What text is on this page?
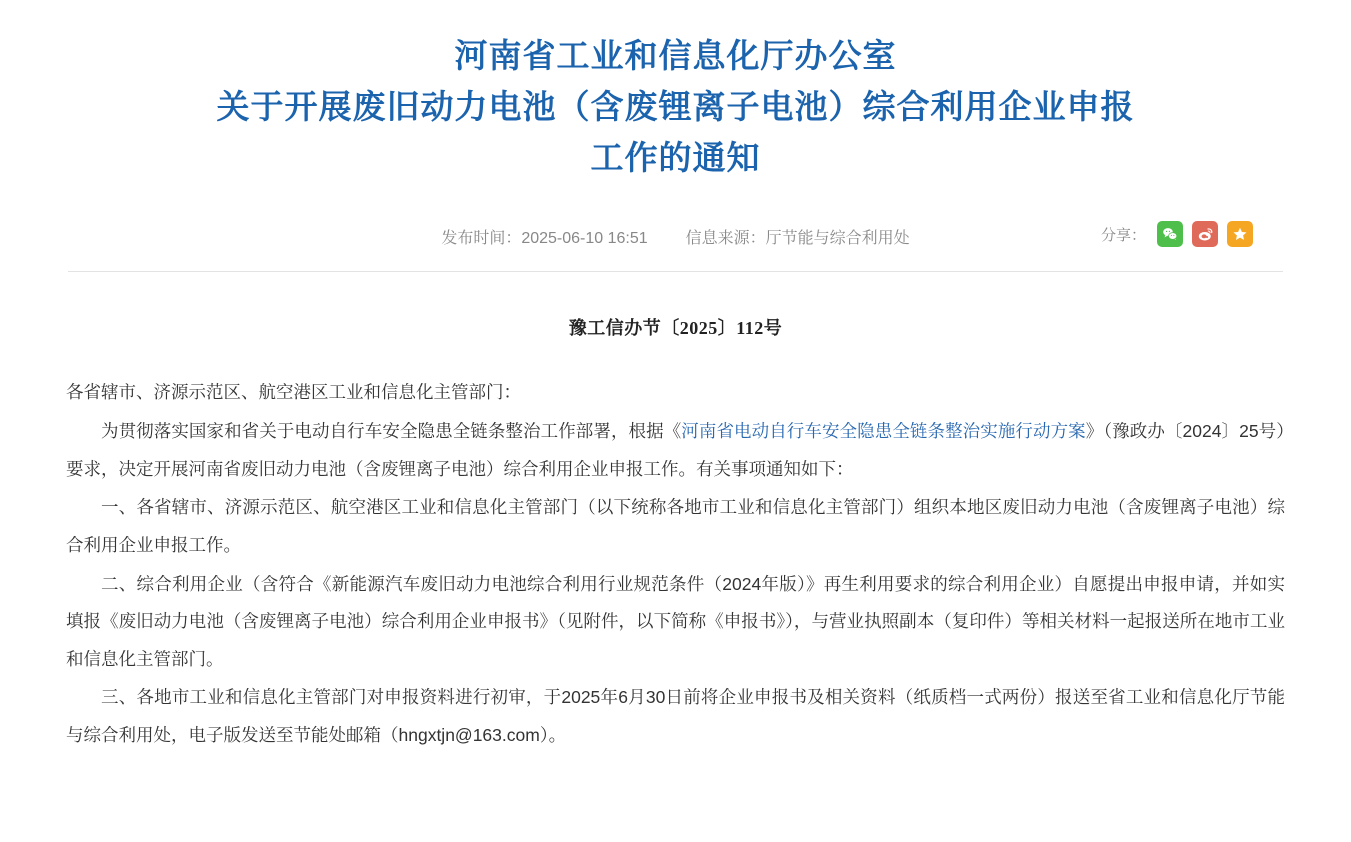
河南省工业和信息化厅办公室
关于开展废旧动力电池（含废锂离子电池）综合利用企业申报
工作的通知
发布时间：2025-06-10 16:51 信息来源：厅节能与综合利用处	分享：
豫工信办节〔2025〕112号

各省辖市、济源示范区、航空港区工业和信息化主管部门：

为贯彻落实国家和省关于电动自行车安全隐患全链条整治工作部署，根据《河南省电动自行车安全隐患全链条整治实施行动方案》（豫政办〔2024〕25号）要求，决定开展河南省废旧动力电池（含废锂离子电池）综合利用企业申报工作。有关事项通知如下：

一、各省辖市、济源示范区、航空港区工业和信息化主管部门（以下统称各地市工业和信息化主管部门）组织本地区废旧动力电池（含废锂离子电池）综合利用企业申报工作。

二、综合利用企业（含符合《新能源汽车废旧动力电池综合利用行业规范条件（2024年版）》再生利用要求的综合利用企业）自愿提出申报申请，并如实填报《废旧动力电池（含废锂离子电池）综合利用企业申报书》（见附件，以下简称《申报书》），与营业执照副本（复印件）等相关材料一起报送所在地市工业和信息化主管部门。

三、各地市工业和信息化主管部门对申报资料进行初审，于2025年6月30日前将企业申报书及相关资料（纸质档一式两份）报送至省工业和信息化厅节能与综合利用处，电子版发送至节能处邮箱（hngxtjn@163.com）。
